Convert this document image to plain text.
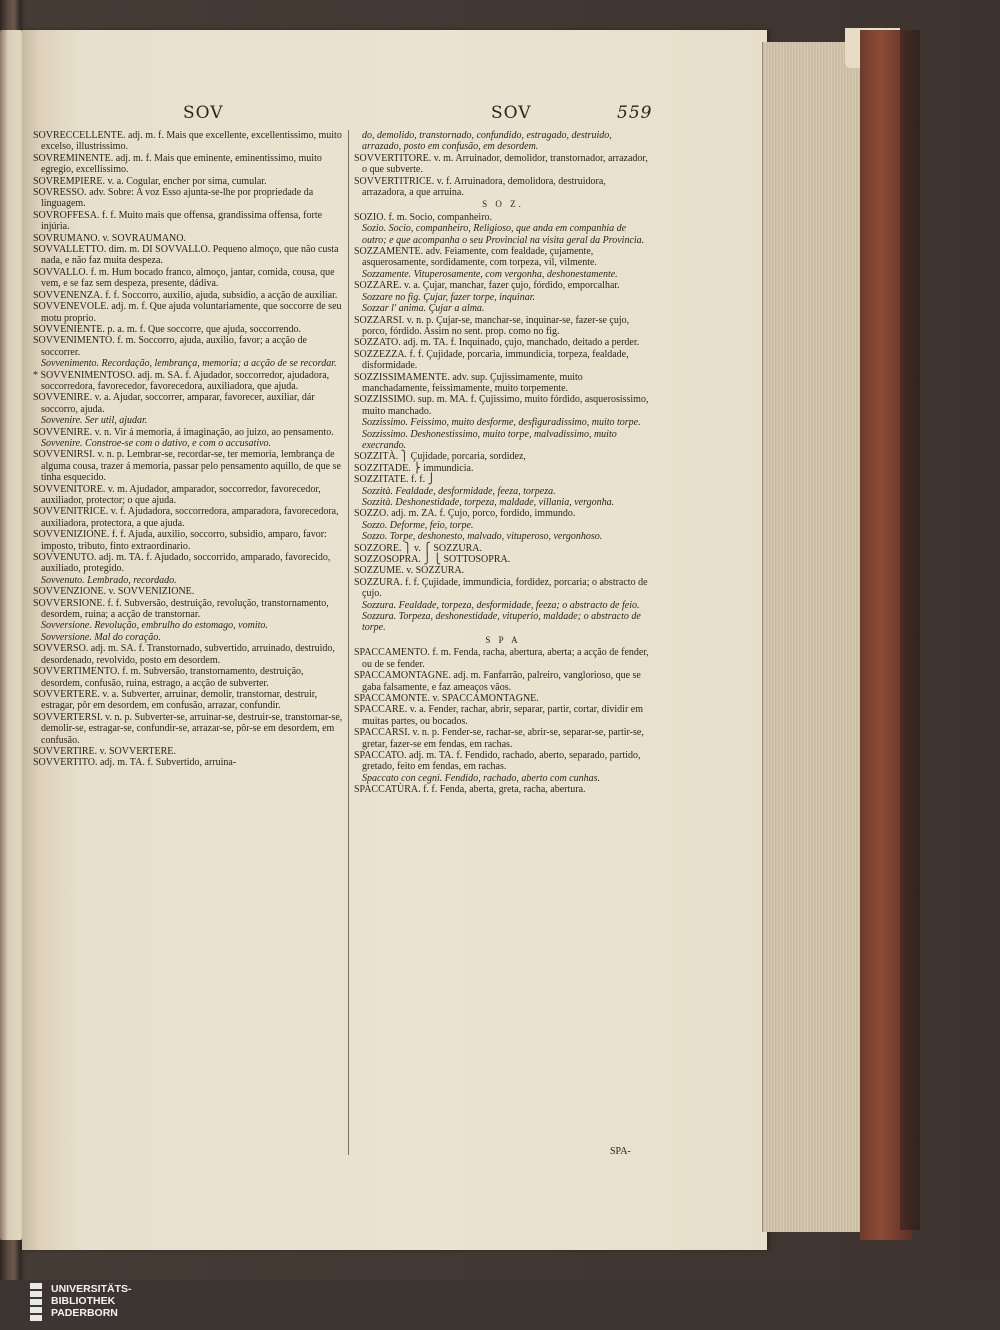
SOV	SOV	559

SOVRECCELLENTE. adj. m. f. Mais que excellente, excellentissimo, muito excelso, illustrissimo.

SOVREMINENTE. adj. m. f. Mais que eminente, eminentissimo, muito egregio, excellissimo.

SOVREMPIERE. v. a. Cogular, encher por sima, cumular.

SOVRESSO. adv. Sobre: A voz Esso ajunta-se-lhe por propriedade da linguagem.

SOVROFFESA. f. f. Muito mais que offensa, grandissima offensa, forte injúria.

SOVRUMANO. v. SOVRAUMANO.

SOVVALLETTO. dim. m. DI SOVVALLO. Pequeno almoço, que não custa nada, e não faz muita despeza.

SOVVALLO. f. m. Hum bocado franco, almoço, jantar, comida, cousa, que vem, e se faz sem despeza, presente, dádiva.

SOVVENENZA. f. f. Soccorro, auxilio, ajuda, subsidio, a acção de auxiliar.

SOVVENEVOLE. adj. m. f. Que ajuda voluntariamente, que soccorre de seu motu proprio.

SOVVENIENTE. p. a. m. f. Que soccorre, que ajuda, soccorrendo.

SOVVENIMENTO. f. m. Soccorro, ajuda, auxilio, favor; a acção de soccorrer.

Sovvenimento. Recordação, lembrança, memoria; a acção de se recordar.

* SOVVENIMENTOSO. adj. m. SA. f. Ajudador, soccorredor, ajudadora, soccorredora, favorecedor, favorecedora, auxiliadora, que ajuda.

SOVVENIRE. v. a. Ajudar, soccorrer, amparar, favorecer, auxiliar, dár soccorro, ajuda.

Sovvenire. Ser util, ajudar.

SOVVENIRE. v. n. Vir á memoria, á imaginação, ao juizo, ao pensamento.

Sovvenire. Constroe-se com o dativo, e com o accusativo.

SOVVENIRSI. v. n. p. Lembrar-se, recordar-se, ter memoria, lembrança de alguma cousa, trazer á memoria, passar pelo pensamento aquillo, de que se tinha esquecido.

SOVVENITORE. v. m. Ajudador, amparador, soccorredor, favorecedor, auxiliador, protector; o que ajuda.

SOVVENITRICE. v. f. Ajudadora, soccorredora, amparadora, favorecedora, auxiliadora, protectora, a que ajuda.

SOVVENIZIONE. f. f. Ajuda, auxilio, soccorro, subsidio, amparo, favor: imposto, tributo, finto extraordinario.

SOVVENUTO. adj. m. TA. f. Ajudado, soccorrido, amparado, favorecido, auxiliado, protegido.

Sovvenuto. Lembrado, recordado.

SOVVENZIONE. v. SOVVENIZIONE.

SOVVERSIONE. f. f. Subversão, destruição, revolução, transtornamento, desordem, ruina; a acção de transtornar.

Sovversione. Revolução, embrulho do estomago, vomito.

Sovversione. Mal do coração.

SOVVERSO. adj. m. SA. f. Transtornado, subvertido, arruinado, destruido, desordenado, revolvido, posto em desordem.

SOVVERTIMENTO. f. m. Subversão, transtornamento, destruição, desordem, confusão, ruina, estrago, a acção de subverter.

SOVVERTERE. v. a. Subverter, arruinar, demolir, transtornar, destruir, estragar, pôr em desordem, em confusão, arrazar, confundir.

SOVVERTERSI. v. n. p. Subverter-se, arruinar-se, destruir-se, transtornar-se, demolir-se, estragar-se, confundir-se, arrazar-se, pôr-se em desordem, em confusão.

SOVVERTIRE. v. SOVVERTERE.

SOVVERTITO. adj. m. TA. f. Subvertido, arruina-

do, demolido, transtornado, confundido, estragado, destruido, arrazado, posto em confusão, em desordem.

SOVVERTITORE. v. m. Arruinador, demolidor, transtornador, arrazador, o que subverte.

SOVVERTITRICE. v. f. Arruinadora, demolidora, destruidora, arrazadora, a que arruina.

S O Z.

SOZIO. f. m. Socio, companheiro.

Sozio. Socio, companheiro, Religioso, que anda em companhia de outro; e que acompanha o seu Provincial na visita geral da Provincia.

SOZZAMENTE. adv. Feiamente, com fealdade, çujamente, asquerosamente, sordidamente, com torpeza, vil, vilmente.

Sozzamente. Vituperosamente, com vergonha, deshonestamente.

SOZZARE. v. a. Çujar, manchar, fazer çujo, fórdido, emporcalhar.

Sozzare no fig. Çujar, fazer torpe, inquinar.

Sozzar l' anima. Çujar a alma.

SOZZARSI. v. n. p. Çujar-se, manchar-se, inquinar-se, fazer-se çujo, porco, fórdido. Assim no sent. prop. como no fig.

SOZZATO. adj. m. TA. f. Inquinado, çujo, manchado, deitado a perder.

SOZZEZZA. f. f. Çujidade, porcaria, immundicia, torpeza, fealdade, disformidade.

SOZZISSIMAMENTE. adv. sup. Çujissimamente, muito manchadamente, feissimamente, muito torpemente.

SOZZISSIMO. sup. m. MA. f. Çujissimo, muito fórdido, asquerosissimo, muito manchado.

Sozzissimo. Feissimo, muito desforme, desfiguradissimo, muito torpe.

Sozzissimo. Deshonestissimo, muito torpe, malvadissimo, muito execrando.

SOZZITÀ. ⎫ Çujidade, porcaria, sordidez,

SOZZITADE. ⎬ immundicia.

SOZZITATE. f. f. ⎭

Sozzità. Fealdade, desformidade, feeza, torpeza.

Sozzità. Deshonestidade, torpeza, maldade, villania, vergonha.

SOZZO. adj. m. ZA. f. Çujo, porco, fordido, immundo.

Sozzo. Deforme, feio, torpe.

Sozzo. Torpe, deshonesto, malvado, vituperoso, vergonhoso.

SOZZORE. ⎫ v. ⎧ SOZZURA.

SOZZOSOPRA. ⎭ ⎩ SOTTOSOPRA.

SOZZUME. v. SOZZURA.

SOZZURA. f. f. Çujidade, immundicia, fordidez, porcaria; o abstracto de çujo.

Sozzura. Fealdade, torpeza, desformidade, feeza; o abstracto de feio.

Sozzura. Torpeza, deshonestidade, vituperio, maldade; o abstracto de torpe.

S P A

SPACCAMENTO. f. m. Fenda, racha, abertura, aberta; a acção de fender, ou de se fender.

SPACCAMONTAGNE. adj. m. Fanfarrão, palreiro, vanglorioso, que se gaba falsamente, e faz ameaços vãos.

SPACCAMONTE. v. SPACCAMONTAGNE.

SPACCARE. v. a. Fender, rachar, abrir, separar, partir, cortar, dividir em muitas partes, ou bocados.

SPACCARSI. v. n. p. Fender-se, rachar-se, abrir-se, separar-se, partir-se, gretar, fazer-se em fendas, em rachas.

SPACCATO. adj. m. TA. f. Fendido, rachado, aberto, separado, partido, gretado, feito em fendas, em rachas.

Spaccato con cegni. Fendido, rachado, aberto com cunhas.

SPACCATÙRA. f. f. Fenda, aberta, greta, racha, abertura.

SPA-
UNIVERSITÄTS-
BIBLIOTHEK
PADERBORN
